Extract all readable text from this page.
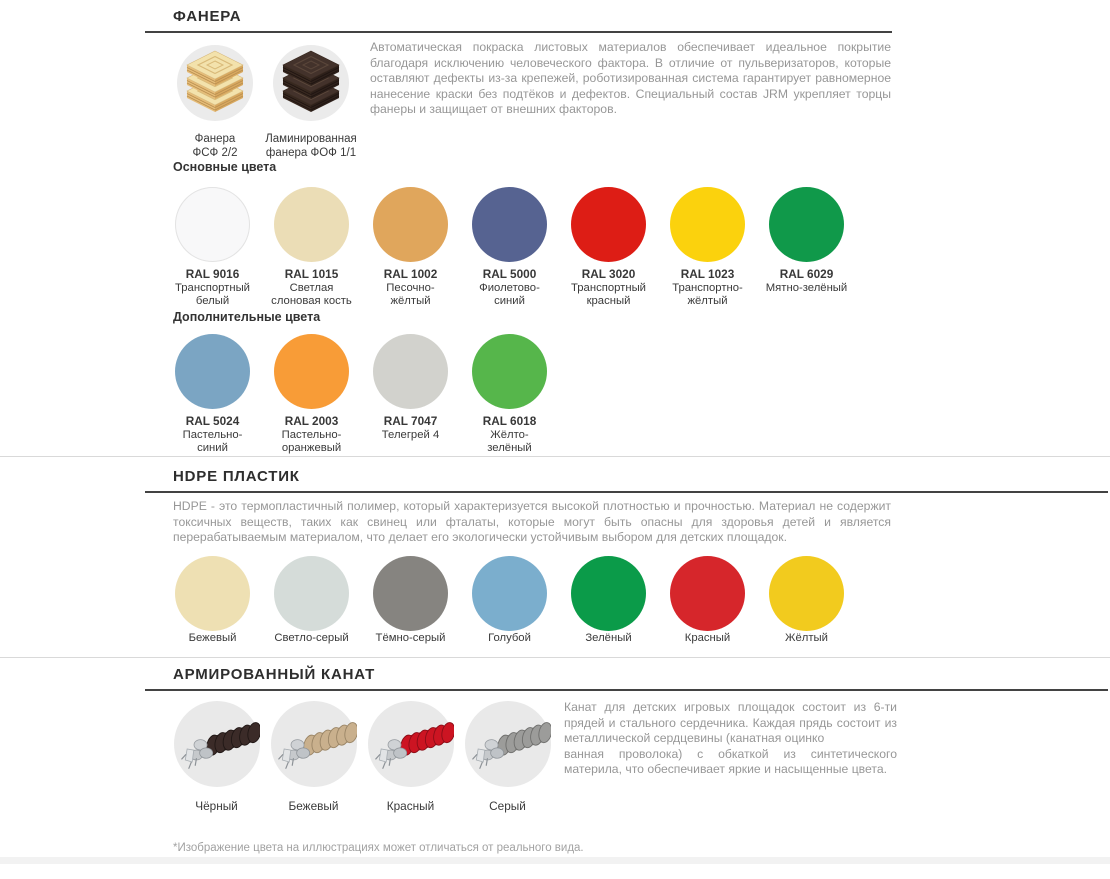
ФАНЕРА
Фанера
ФСФ 2/2
Ламинированная
фанера ФОФ 1/1
Автоматическая покраска листовых материалов обеспечивает идеальное покрытие благодаря исключению человеческого фактора. В отличие от пульверизаторов, которые оставляют дефекты из-за крепежей, роботизированная система гарантирует равномерное нанесение краски без подтёков и дефектов. Специальный состав JRM укрепляет торцы фанеры и защищает от внешних факторов.
Основные цвета
RAL 9016
Транспортный
белый
RAL 1015
Светлая
слоновая кость
RAL 1002
Песочно-
жёлтый
RAL 5000
Фиолетово-
синий
RAL 3020
Транспортный
красный
RAL 1023
Транспортно-
жёлтый
RAL 6029
Мятно-зелёный
Дополнительные цвета
RAL 5024
Пастельно-
синий
RAL 2003
Пастельно-
оранжевый
RAL 7047
Телегрей 4
RAL 6018
Жёлто-
зелёный
HDPE ПЛАСТИК
HDPE - это термопластичный полимер, который характеризуется высокой плотностью и прочностью. Материал не содержит токсичных веществ, таких как свинец или фталаты, которые могут быть опасны для здоровья детей и является перерабатываемым материалом, что делает его экологически устойчивым выбором для детских площадок.
Бежевый	Светло-серый Тёмно-серый	Голубой	Зелёный	Красный	Жёлтый
АРМИРОВАННЫЙ КАНАТ
Чёрный	Бежевый	Красный	Серый
Канат для детских игровых площадок состоит из 6-ти прядей и стального сердечника. Каждая прядь состоит из металлической сердцевины (канатная оцинко
ванная проволока) с обкаткой из синтетического материла, что обеспечивает яркие и насыщенные цвета.
*Изображение цвета на иллюстрациях может отличаться от реального вида.
